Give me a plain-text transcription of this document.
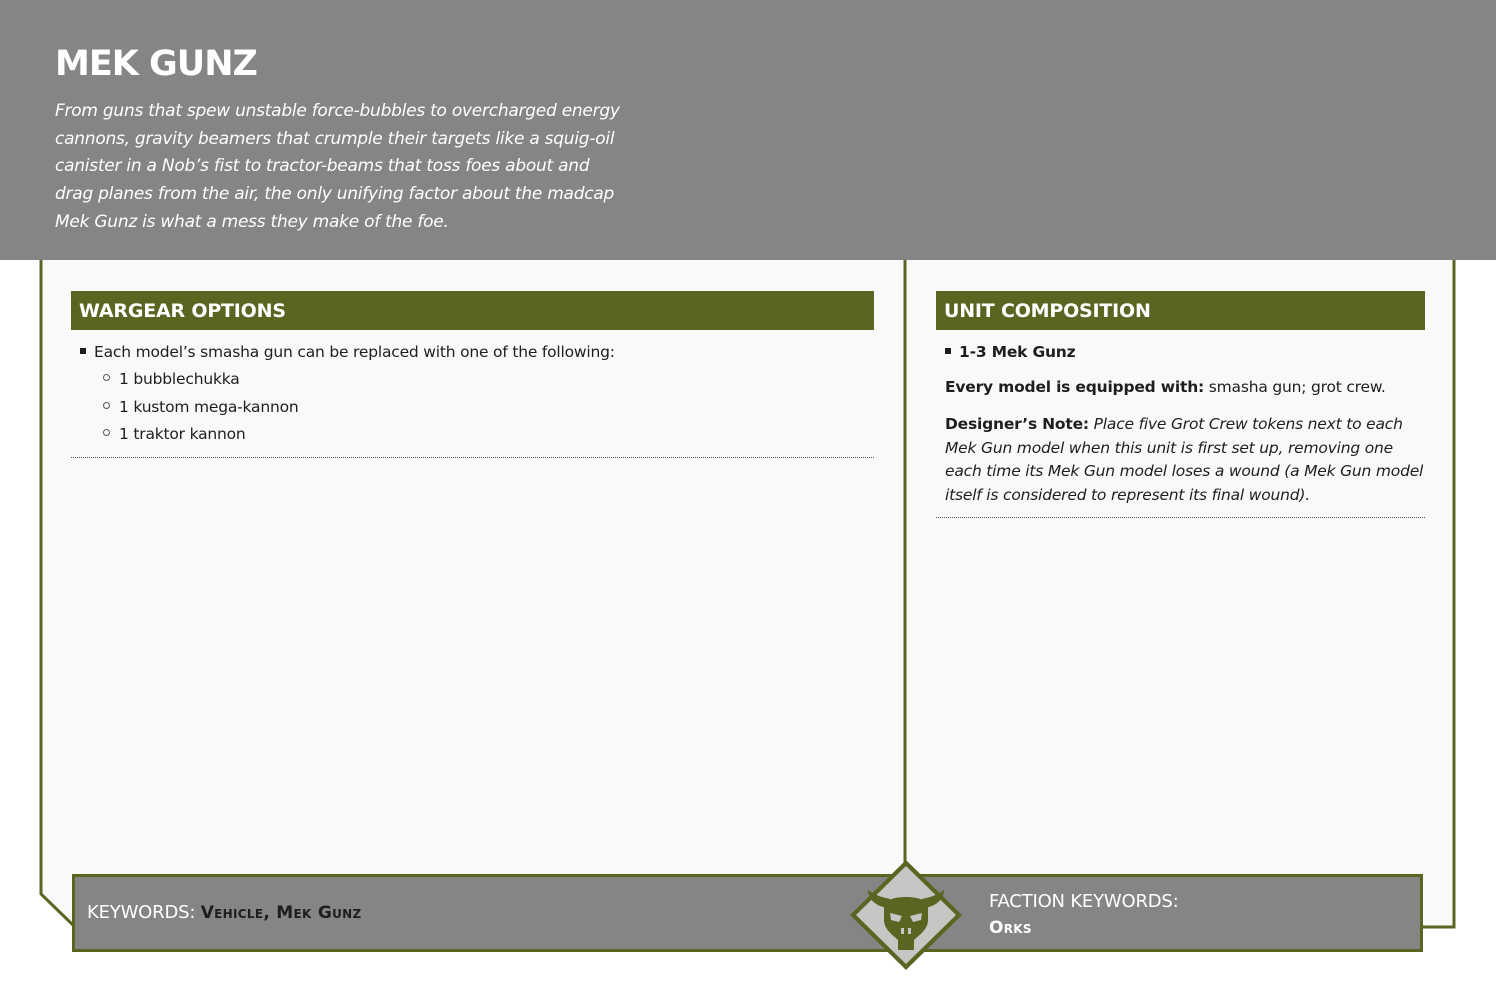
MEK GUNZ

From guns that spew unstable force-bubbles to overcharged energy cannons, gravity beamers that crumple their targets like a squig-oil canister in a Nob’s fist to tractor-beams that toss foes about and drag planes from the air, the only unifying factor about the madcap Mek Gunz is what a mess they make of the foe.

WARGEAR OPTIONS
Each model’s smasha gun can be replaced with one of the following:
1 bubblechukka
1 kustom mega-kannon
1 traktor kannon
UNIT COMPOSITION
1-3 Mek Gunz

Every model is equipped with: smasha gun; grot crew.

Designer’s Note: Place five Grot Crew tokens next to each Mek Gun model when this unit is first set up, removing one each time its Mek Gun model loses a wound (a Mek Gun model itself is considered to represent its final wound).

KEYWORDS: Vehicle, Mek Gunz
FACTION KEYWORDS:
Orks
